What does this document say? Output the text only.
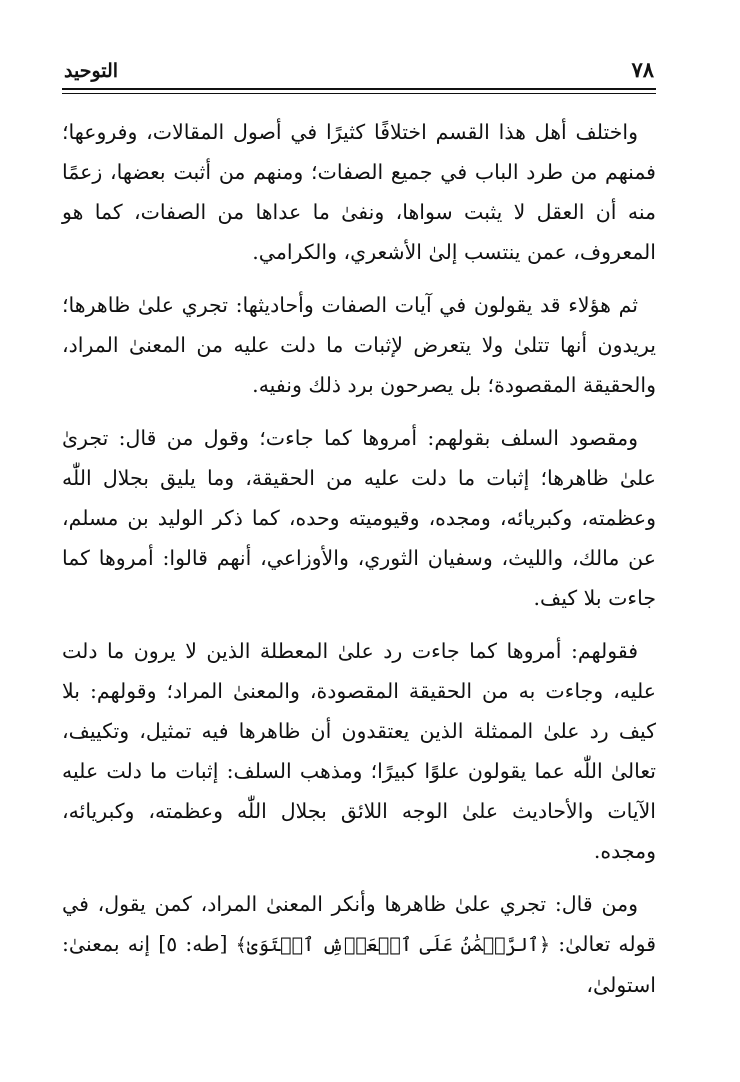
٧٨
التوحيد

واختلف أهل هذا القسم اختلافًا كثيرًا في أصول المقالات، وفروعها؛ فمنهم من طرد الباب في جميع الصفات؛ ومنهم من أثبت بعضها، زعمًا منه أن العقل لا يثبت سواها، ونفىٰ ما عداها من الصفات، كما هو المعروف، عمن ينتسب إلىٰ الأشعري، والكرامي.

ثم هؤلاء قد يقولون في آيات الصفات وأحاديثها: تجري علىٰ ظاهرها؛ يريدون أنها تتلىٰ ولا يتعرض لإثبات ما دلت عليه من المعنىٰ المراد، والحقيقة المقصودة؛ بل يصرحون برد ذلك ونفيه.

ومقصود السلف بقولهم: أمروها كما جاءت؛ وقول من قال: تجرىٰ علىٰ ظاهرها؛ إثبات ما دلت عليه من الحقيقة، وما يليق بجلال اللّٰه وعظمته، وكبريائه، ومجده، وقيوميته وحده، كما ذكر الوليد بن مسلم، عن مالك، والليث، وسفيان الثوري، والأوزاعي، أنهم قالوا: أمروها كما جاءت بلا كيف.

فقولهم: أمروها كما جاءت رد علىٰ المعطلة الذين لا يرون ما دلت عليه، وجاءت به من الحقيقة المقصودة، والمعنىٰ المراد؛ وقولهم: بلا كيف رد علىٰ الممثلة الذين يعتقدون أن ظاهرها فيه تمثيل، وتكييف، تعالىٰ اللّٰه عما يقولون علوًا كبيرًا؛ ومذهب السلف: إثبات ما دلت عليه الآيات والأحاديث علىٰ الوجه اللائق بجلال اللّٰه وعظمته، وكبريائه، ومجده.

ومن قال: تجري علىٰ ظاهرها وأنكر المعنىٰ المراد، كمن يقول، في قوله تعالىٰ: ﴿ٱلرَّحۡمَٰنُ عَلَى ٱلۡعَرۡشِ ٱسۡتَوَىٰ﴾ [طه: ٥] إنه بمعنىٰ: استولىٰ،
